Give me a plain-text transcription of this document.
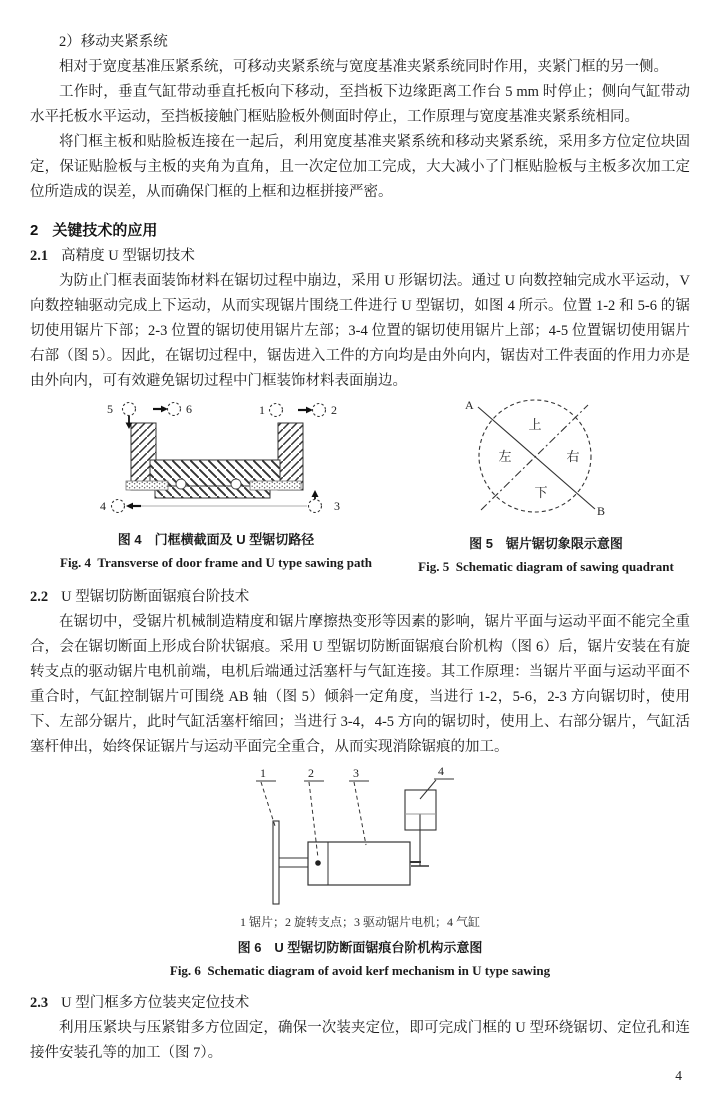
2）移动夹紧系统

相对于宽度基准压紧系统，可移动夹紧系统与宽度基准夹紧系统同时作用，夹紧门框的另一侧。

工作时，垂直气缸带动垂直托板向下移动，至挡板下边缘距离工作台 5 mm 时停止；侧向气缸带动水平托板水平运动，至挡板接触门框贴脸板外侧面时停止，工作原理与宽度基准夹紧系统相同。

将门框主板和贴脸板连接在一起后，利用宽度基准夹紧系统和移动夹紧系统，采用多方位定位块固定，保证贴脸板与主板的夹角为直角，且一次定位加工完成，大大减小了门框贴脸板与主板多次加工定位所造成的误差，从而确保门框的上框和边框拼接严密。

2 关键技术的应用

2.1 高精度 U 型锯切技术

为防止门框表面装饰材料在锯切过程中崩边，采用 U 形锯切法。通过 U 向数控轴完成水平运动，V 向数控轴驱动完成上下运动，从而实现锯片围绕工件进行 U 型锯切，如图 4 所示。位置 1-2 和 5-6 的锯切使用锯片下部；2-3 位置的锯切使用锯片左部；3-4 位置的锯切使用锯片上部；4-5 位置锯切使用锯片右部（图 5）。因此，在锯切过程中，锯齿进入工件的方向均是由外向内，锯齿对工件表面的作用力亦是由外向内，可有效避免锯切过程中门框装饰材料表面崩边。

5	6	1	2
4	3

图 4　门框横截面及 U 型锯切路径

Fig. 4  Transverse of door frame and U type sawing path

A
B
上
左	右
下

图 5　锯片锯切象限示意图

Fig. 5  Schematic diagram of sawing quadrant

2.2 U 型锯切防断面锯痕台阶技术

在锯切中，受锯片机械制造精度和锯片摩擦热变形等因素的影响，锯片平面与运动平面不能完全重合，会在锯切断面上形成台阶状锯痕。采用 U 型锯切防断面锯痕台阶机构（图 6）后，锯片安装在有旋转支点的驱动锯片电机前端，电机后端通过活塞杆与气缸连接。其工作原理：当锯片平面与运动平面不重合时，气缸控制锯片可围绕 AB 轴（图 5）倾斜一定角度，当进行 1-2，5-6，2-3 方向锯切时，使用下、左部分锯片，此时气缸活塞杆缩回；当进行 3-4，4-5 方向的锯切时，使用上、右部分锯片，气缸活塞杆伸出，始终保证锯片与运动平面完全重合，从而实现消除锯痕的加工。

1	2	3	4
1 锯片；2 旋转支点；3 驱动锯片电机；4 气缸

图 6　U 型锯切防断面锯痕台阶机构示意图

Fig. 6  Schematic diagram of avoid kerf mechanism in U type sawing

2.3 U 型门框多方位装夹定位技术

利用压紧块与压紧钳多方位固定，确保一次装夹定位，即可完成门框的 U 型环绕锯切、定位孔和连接件安装孔等的加工（图 7）。

4
